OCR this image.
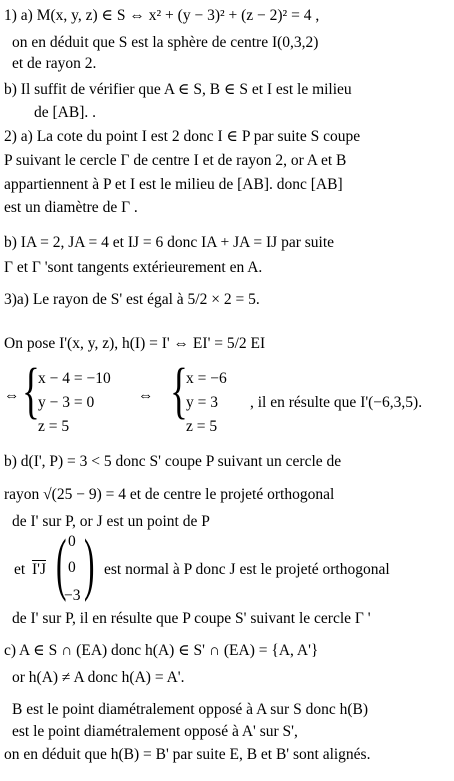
1) a) M(x, y, z) ∈ S ⇔ x² + (y − 3)² + (z − 2)² = 4 ,
on en déduit que S est la sphère de centre I(0,3,2)
et de rayon 2.
b) Il suffit de vérifier que A ∈ S, B ∈ S et I est le milieu
de [AB]. .
2) a) La cote du point I est 2 donc I ∈ P par suite S coupe
P suivant le cercle Γ de centre I et de rayon 2, or A et B
appartiennent à P et I est le milieu de [AB]. donc [AB]
est un diamètre de Γ .
b) IA = 2, JA = 4 et IJ = 6 donc IA + JA = IJ par suite
Γ et Γ 'sont tangents extérieurement en A.
3)a) Le rayon de S' est égal à 5/2 × 2 = 5.
On pose I'(x, y, z), h(I) = I' ⇔ EI' = 5/2 EI
⇔ {
x − 4 = −10
y − 3 = 0
z = 5
⇔ {
x = −6
y = 3
z = 5
, il en résulte que I'(−6,3,5).
b) d(I', P) = 3 < 5 donc S' coupe P suivant un cercle de
rayon √(25 − 9) = 4 et de centre le projeté orthogonal
de I' sur P, or J est un point de P
et I'J ( 0
0
−3 ) est normal à P donc J est le projeté orthogonal
de I' sur P, il en résulte que P coupe S' suivant le cercle Γ '
c) A ∈ S ∩ (EA) donc h(A) ∈ S' ∩ (EA) = {A, A'}
or h(A) ≠ A donc h(A) = A'.
B est le point diamétralement opposé à A sur S donc h(B)
est le point diamétralement opposé à A' sur S',
on en déduit que h(B) = B' par suite E, B et B' sont alignés.
